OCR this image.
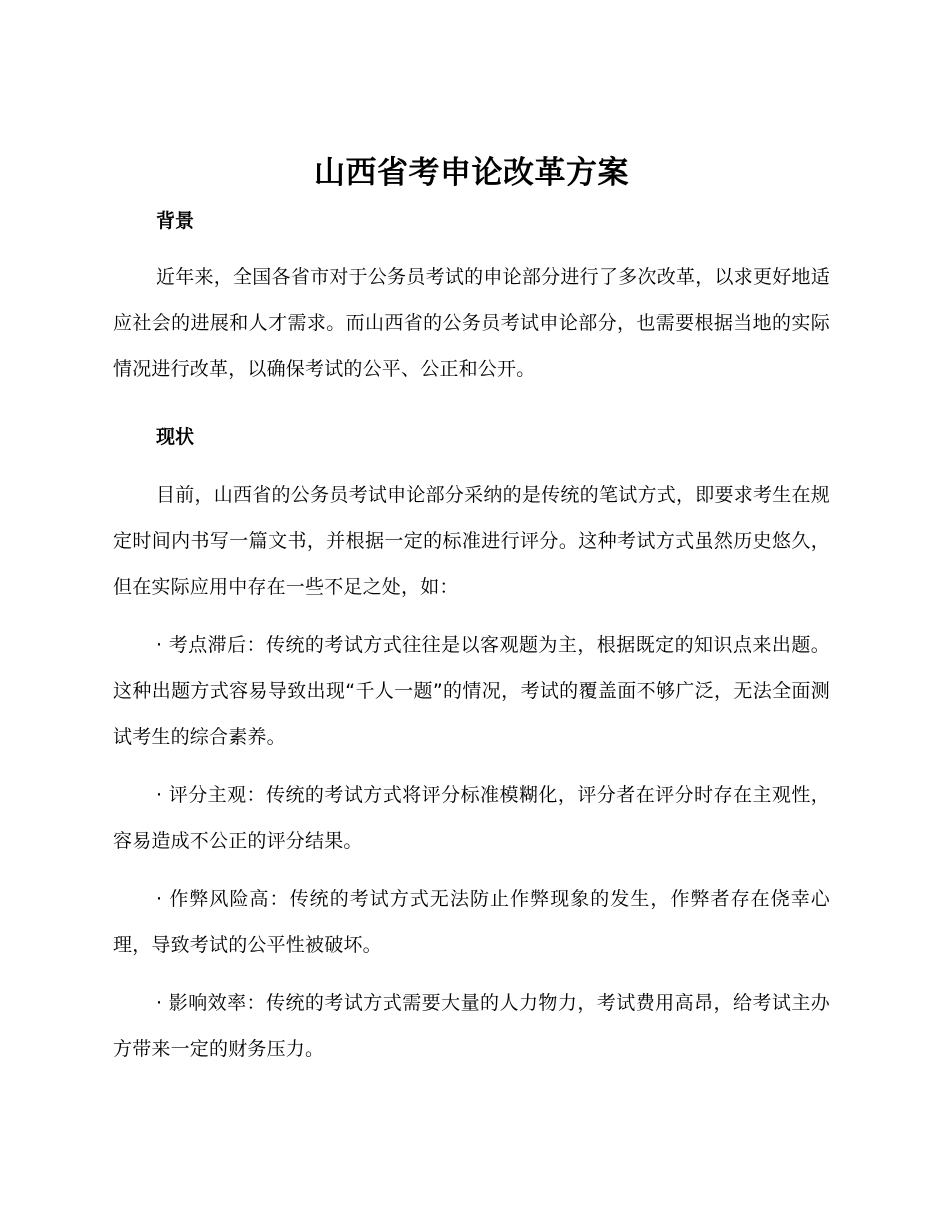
山西省考申论改革方案
背景

近年来，全国各省市对于公务员考试的申论部分进行了多次改革，以求更好地适应社会的进展和人才需求。而山西省的公务员考试申论部分，也需要根据当地的实际情况进行改革，以确保考试的公平、公正和公开。

现状

目前，山西省的公务员考试申论部分采纳的是传统的笔试方式，即要求考生在规定时间内书写一篇文书，并根据一定的标准进行评分。这种考试方式虽然历史悠久，但在实际应用中存在一些不足之处，如：

· 考点滞后：传统的考试方式往往是以客观题为主，根据既定的知识点来出题。这种出题方式容易导致出现“千人一题”的情况，考试的覆盖面不够广泛，无法全面测试考生的综合素养。

· 评分主观：传统的考试方式将评分标准模糊化，评分者在评分时存在主观性，容易造成不公正的评分结果。

· 作弊风险高：传统的考试方式无法防止作弊现象的发生，作弊者存在侥幸心理，导致考试的公平性被破坏。

· 影响效率：传统的考试方式需要大量的人力物力，考试费用高昂，给考试主办方带来一定的财务压力。
